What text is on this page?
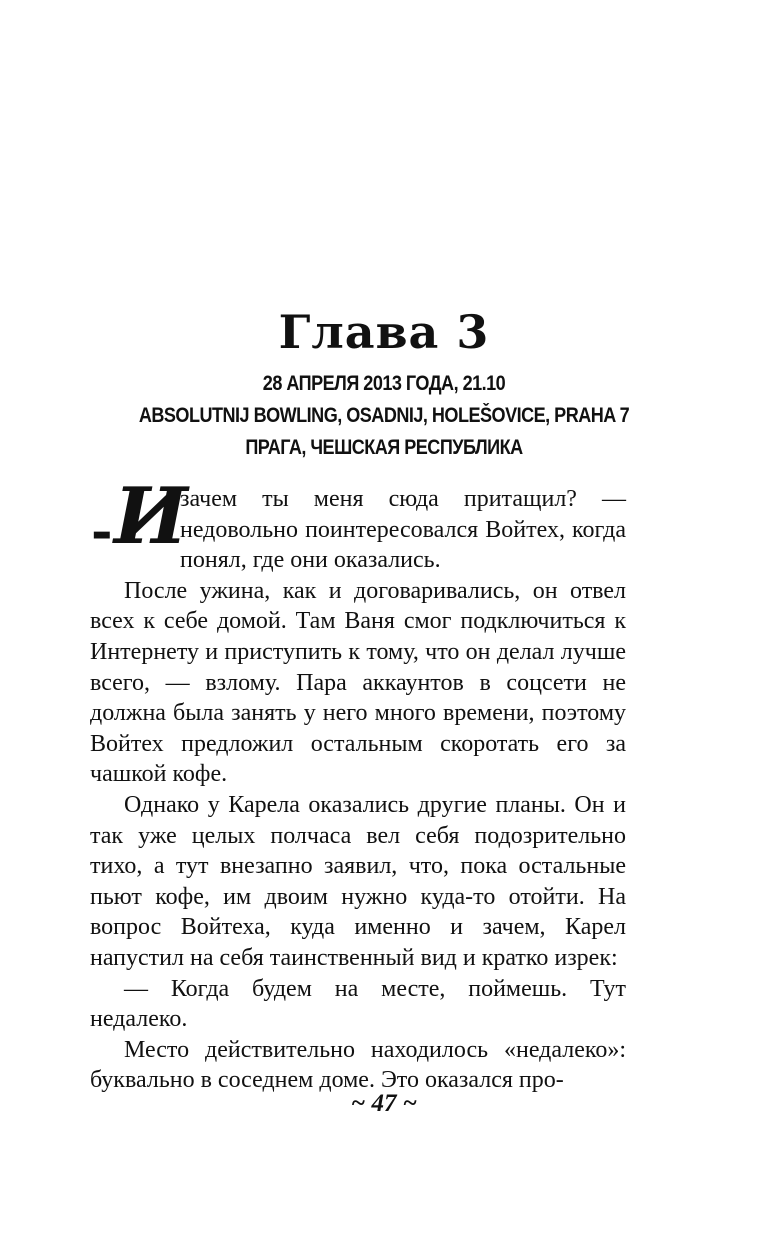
Глава 3

28 АПРЕЛЯ 2013 ГОДА, 21.10

ABSOLUTNIJ BOWLING, OSADNIJ, HOLEŠOVICE, PRAHA 7

ПРАГА, ЧЕШСКАЯ РЕСПУБЛИКА

- И
зачем ты меня сюда притащил? — недовольно поинтересовался Войтех, когда понял, где они оказались.

После ужина, как и договаривались, он отвел всех к себе домой. Там Ваня смог подключиться к Интернету и приступить к тому, что он делал лучше всего, — взлому. Пара аккаунтов в соцсети не должна была занять у него много времени, поэтому Войтех предложил остальным скоротать его за чашкой кофе.

Однако у Карела оказались другие планы. Он и так уже целых полчаса вел себя подозрительно тихо, а тут внезапно заявил, что, пока остальные пьют кофе, им двоим нужно куда-то отойти. На вопрос Войтеха, куда именно и зачем, Карел напустил на себя таинственный вид и кратко изрек:

— Когда будем на месте, поймешь. Тут недалеко.

Место действительно находилось «недалеко»: буквально в соседнем доме. Это оказался про-

~ 47 ~
